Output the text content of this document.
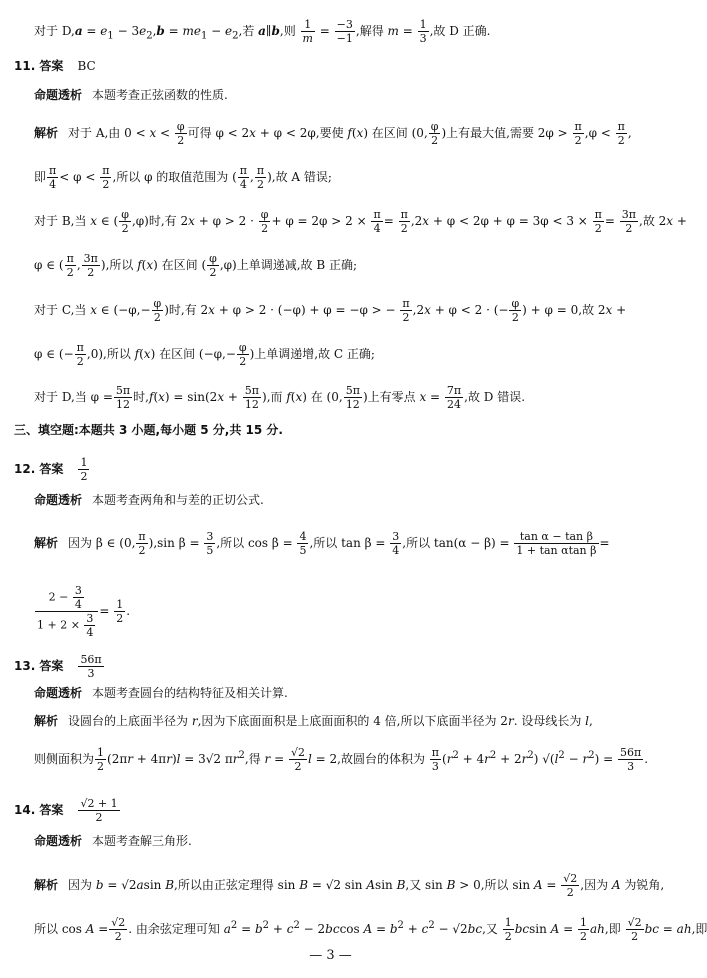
对于 $D,a = e_1 - 3e_2,b = me_1 - e_2$,若 a∥b,则 $\frac{1}{m} = \frac{-3}{-1}$ ,解得 $m = \frac{1}{3}$ ,故 D 正确.
11. 答案 BC
命题透析 本题考查正弦函数的性质.
解析 对于 A,由 $0 < x < \frac{\varphi}{2}$ 可得 φ < 2x + φ < 2φ,要使 f(x) 在区间 (0, $\frac{\varphi}{2}$ )上有最大值,需要 $2\varphi > \frac{\pi}{2} ,\varphi < \frac{\pi}{2}$ ,
即 $\frac{\pi}{4} < \varphi < \frac{\pi}{2}$ ,所以 φ 的取值范围为 ( $\frac{\pi}{4}$ , $\frac{\pi}{2}$ ),故 A 错误;
对于 B,当 x ∈ ( $\frac{\varphi}{2} ,\varphi$)时,有 $2x + \varphi > 2 \cdot \frac{\varphi}{2} + \varphi = 2\varphi > 2 \times \frac{\pi}{4} = \frac{\pi}{2} ,2x + \varphi < 2\varphi + \varphi = 3\varphi < 3 \times \frac{\pi}{2} = \frac{3\pi}{2}$ ,故 2x +
φ ∈ ( $\frac{\pi}{2}$ , $\frac{3\pi}{2}$ ),所以 f(x) 在区间 ( $\frac{\varphi}{2} ,\varphi$)上单调递减,故 B 正确;
对于 C,当 x ∈ ($-\varphi,- \frac{\varphi}{2}$ )时,有 2x + φ > 2 · (−φ) + φ = −φ > − $\frac{\pi}{2} ,2x + \varphi < 2$ · (− $\frac{\varphi}{2}$ ) + φ = 0,故 2x +
φ ∈ (− $\frac{\pi}{2} ,0$),所以 f(x) 在区间 ($-\varphi,- \frac{\varphi}{2}$ )上单调递增,故 C 正确;
对于 D,当 $\varphi = \frac{5\pi}{12}$ 时$,f(x) = \sin(2x + \frac{5\pi}{12}$ ),而 f(x) 在 (0, $\frac{5\pi}{12}$ )上有零点 $x = \frac{7\pi}{24}$ ,故 D 错误.
三、填空题:本题共 3 小题,每小题 5 分,共 15 分.
12. 答案 $\frac{1}{2}$
命题透析 本题考查两角和与差的正切公式.
解析 因为 β ∈ (0, $\frac{\pi}{2} ),\sin$ $\beta = \frac{3}{5}$ ,所以 $\cos \beta = \frac{4}{5}$ ,所以 $\tan \beta = \frac{3}{4}$ ,所以 $\tan(\alpha - \beta) = \frac{\text{tan α − tan β}}{\text{1 + tan αtan β}}$ =
$\frac{2 - \frac{3}{4}}{1 + 2 \times \frac{3}{4}} = \frac{1}{2}$ .
13. 答案 $\frac{56\pi}{3}$
命题透析 本题考查圆台的结构特征及相关计算.
解析 设圆台的上底面半径为 r,因为下底面面积是上底面面积的 4 倍,所以下底面半径为 2r. 设母线长为 l,
则侧面积为 $\frac{1}{2} (2\pi r + 4\pi r)l = 3√2$ $\pi r^2$,得 $r = \frac{√2}{2}$ l = 2,故圆台的体积为 $\frac{\pi}{3} (r^2 + 4r^2 + 2r^2) √(l^2 - r^2) = \frac{56\pi}{3}$ .
14. 答案 $\frac{√2 + 1}{2}$
命题透析 本题考查解三角形.
解析 因为 b = √2asin B,所以由正弦定理得 sin B = √2 sin Asin B,又 sin B > 0,所以 $\sin A = \frac{√2}{2}$ ,因为 A 为锐角,
所以 $\cos A = \frac{√2}{2}$ . 由余弦定理可知 $a^2 = b^2 + c^2 - 2bccos$ $A = b^2 + c^2 - √2bc$,又 $\frac{1}{2}$ bcsin $A = \frac{1}{2}$ ah,即 $\frac{√2}{2}$ bc = ah,即
— 3 —
